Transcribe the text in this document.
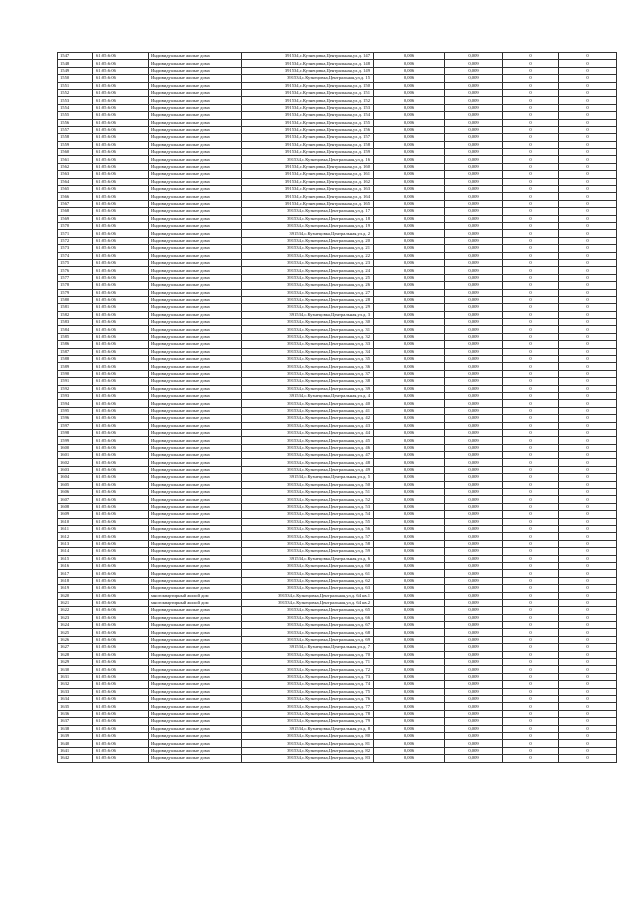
1547	61:05:6:06	Индивидуальные жилые дома	391534,с.Кузнецовка,Центральная,ул.д. 147	0,006	0,009	0	0
1548	61:05:6:06	Индивидуальные жилые дома	391534,с.Кузнецовка,Центральная,ул.д. 148	0,006	0,009	0	0
1549	61:05:6:06	Индивидуальные жилые дома	391534,с.Кузнецовка,Центральная,ул.д. 149	0,006	0,009	0	0
1550	61:05:6:06	Индивидуальные жилые дома	391534,с.Кузнецовка,Центральная,ул.д. 15	0,006	0,009	0	0
1551	61:05:6:06	Индивидуальные жилые дома	391534,с.Кузнецовка,Центральная,ул.д. 150	0,006	0,009	0	0
1552	61:05:6:06	Индивидуальные жилые дома	391534,с.Кузнецовка,Центральная,ул.д. 151	0,006	0,009	0	0
1553	61:05:6:06	Индивидуальные жилые дома	391534,с.Кузнецовка,Центральная,ул.д. 152	0,006	0,009	0	0
1554	61:05:6:06	Индивидуальные жилые дома	391534,с.Кузнецовка,Центральная,ул.д. 153	0,006	0,009	0	0
1555	61:05:6:06	Индивидуальные жилые дома	391534,с.Кузнецовка,Центральная,ул.д. 154	0,006	0,009	0	0
1556	61:05:6:06	Индивидуальные жилые дома	391534,с.Кузнецовка,Центральная,ул.д. 155	0,006	0,009	0	0
1557	61:05:6:06	Индивидуальные жилые дома	391534,с.Кузнецовка,Центральная,ул.д. 156	0,006	0,009	0	0
1558	61:05:6:06	Индивидуальные жилые дома	391534,с.Кузнецовка,Центральная,ул.д. 157	0,006	0,009	0	0
1559	61:05:6:06	Индивидуальные жилые дома	391534,с.Кузнецовка,Центральная,ул.д. 158	0,006	0,009	0	0
1560	61:05:6:06	Индивидуальные жилые дома	391534,с.Кузнецовка,Центральная,ул.д. 159	0,006	0,009	0	0
1561	61:05:6:06	Индивидуальные жилые дома	391534,с.Кузнецовка,Центральная,ул.д. 16	0,006	0,009	0	0
1562	61:05:6:06	Индивидуальные жилые дома	391534,с.Кузнецовка,Центральная,ул.д. 160	0,006	0,009	0	0
1563	61:05:6:06	Индивидуальные жилые дома	391534,с.Кузнецовка,Центральная,ул.д. 161	0,006	0,009	0	0
1564	61:05:6:06	Индивидуальные жилые дома	391534,с.Кузнецовка,Центральная,ул.д. 162	0,006	0,009	0	0
1565	61:05:6:06	Индивидуальные жилые дома	391534,с.Кузнецовка,Центральная,ул.д. 163	0,006	0,009	0	0
1566	61:05:6:06	Индивидуальные жилые дома	391534,с.Кузнецовка,Центральная,ул.д. 164	0,006	0,009	0	0
1567	61:05:6:06	Индивидуальные жилые дома	391534,с.Кузнецовка,Центральная,ул.д. 165	0,006	0,009	0	0
1568	61:05:6:06	Индивидуальные жилые дома	391534,с.Кузнецовка,Центральная,ул.д. 17	0,006	0,009	0	0
1569	61:05:6:06	Индивидуальные жилые дома	391534,с.Кузнецовка,Центральная,ул.д. 18	0,006	0,009	0	0
1570	61:05:6:06	Индивидуальные жилые дома	391534,с.Кузнецовка,Центральная,ул.д. 19	0,006	0,009	0	0
1571	61:05:6:06	Индивидуальные жилые дома	391534,с.Кузнецовка,Центральная,ул.д. 2	0,006	0,009	0	0
1572	61:05:6:06	Индивидуальные жилые дома	391534,с.Кузнецовка,Центральная,ул.д. 20	0,006	0,009	0	0
1573	61:05:6:06	Индивидуальные жилые дома	391534,с.Кузнецовка,Центральная,ул.д. 21	0,006	0,009	0	0
1574	61:05:6:06	Индивидуальные жилые дома	391534,с.Кузнецовка,Центральная,ул.д. 22	0,006	0,009	0	0
1575	61:05:6:06	Индивидуальные жилые дома	391534,с.Кузнецовка,Центральная,ул.д. 23	0,006	0,009	0	0
1576	61:05:6:06	Индивидуальные жилые дома	391534,с.Кузнецовка,Центральная,ул.д. 24	0,006	0,009	0	0
1577	61:05:6:06	Индивидуальные жилые дома	391534,с.Кузнецовка,Центральная,ул.д. 25	0,006	0,009	0	0
1578	61:05:6:06	Индивидуальные жилые дома	391534,с.Кузнецовка,Центральная,ул.д. 26	0,006	0,009	0	0
1579	61:05:6:06	Индивидуальные жилые дома	391534,с.Кузнецовка,Центральная,ул.д. 27	0,006	0,009	0	0
1580	61:05:6:06	Индивидуальные жилые дома	391534,с.Кузнецовка,Центральная,ул.д. 28	0,006	0,009	0	0
1581	61:05:6:06	Индивидуальные жилые дома	391534,с.Кузнецовка,Центральная,ул.д. 29	0,006	0,009	0	0
1582	61:05:6:06	Индивидуальные жилые дома	391534,с.Кузнецовка,Центральная,ул.д. 3	0,006	0,009	0	0
1583	61:05:6:06	Индивидуальные жилые дома	391534,с.Кузнецовка,Центральная,ул.д. 30	0,006	0,009	0	0
1584	61:05:6:06	Индивидуальные жилые дома	391534,с.Кузнецовка,Центральная,ул.д. 31	0,006	0,009	0	0
1585	61:05:6:06	Индивидуальные жилые дома	391534,с.Кузнецовка,Центральная,ул.д. 32	0,006	0,009	0	0
1586	61:05:6:06	Индивидуальные жилые дома	391534,с.Кузнецовка,Центральная,ул.д. 33	0,006	0,009	0	0
1587	61:05:6:06	Индивидуальные жилые дома	391534,с.Кузнецовка,Центральная,ул.д. 34	0,006	0,009	0	0
1588	61:05:6:06	Индивидуальные жилые дома	391534,с.Кузнецовка,Центральная,ул.д. 35	0,006	0,009	0	0
1589	61:05:6:06	Индивидуальные жилые дома	391534,с.Кузнецовка,Центральная,ул.д. 36	0,006	0,009	0	0
1590	61:05:6:06	Индивидуальные жилые дома	391534,с.Кузнецовка,Центральная,ул.д. 37	0,006	0,009	0	0
1591	61:05:6:06	Индивидуальные жилые дома	391534,с.Кузнецовка,Центральная,ул.д. 38	0,006	0,009	0	0
1592	61:05:6:06	Индивидуальные жилые дома	391534,с.Кузнецовка,Центральная,ул.д. 39	0,006	0,009	0	0
1593	61:05:6:06	Индивидуальные жилые дома	391534,с.Кузнецовка,Центральная,ул.д. 4	0,006	0,009	0	0
1594	61:05:6:06	Индивидуальные жилые дома	391534,с.Кузнецовка,Центральная,ул.д. 40	0,006	0,009	0	0
1595	61:05:6:06	Индивидуальные жилые дома	391534,с.Кузнецовка,Центральная,ул.д. 41	0,006	0,009	0	0
1596	61:05:6:06	Индивидуальные жилые дома	391534,с.Кузнецовка,Центральная,ул.д. 42	0,006	0,009	0	0
1597	61:05:6:06	Индивидуальные жилые дома	391534,с.Кузнецовка,Центральная,ул.д. 43	0,006	0,009	0	0
1598	61:05:6:06	Индивидуальные жилые дома	391534,с.Кузнецовка,Центральная,ул.д. 44	0,006	0,009	0	0
1599	61:05:6:06	Индивидуальные жилые дома	391534,с.Кузнецовка,Центральная,ул.д. 45	0,006	0,009	0	0
1600	61:05:6:06	Индивидуальные жилые дома	391534,с.Кузнецовка,Центральная,ул.д. 46	0,006	0,009	0	0
1601	61:05:6:06	Индивидуальные жилые дома	391534,с.Кузнецовка,Центральная,ул.д. 47	0,006	0,009	0	0
1602	61:05:6:06	Индивидуальные жилые дома	391534,с.Кузнецовка,Центральная,ул.д. 48	0,006	0,009	0	0
1603	61:05:6:06	Индивидуальные жилые дома	391534,с.Кузнецовка,Центральная,ул.д. 49	0,006	0,009	0	0
1604	61:05:6:06	Индивидуальные жилые дома	391534,с.Кузнецовка,Центральная,ул.д. 5	0,006	0,009	0	0
1605	61:05:6:06	Индивидуальные жилые дома	391534,с.Кузнецовка,Центральная,ул.д. 50	0,006	0,009	0	0
1606	61:05:6:06	Индивидуальные жилые дома	391534,с.Кузнецовка,Центральная,ул.д. 51	0,006	0,009	0	0
1607	61:05:6:06	Индивидуальные жилые дома	391534,с.Кузнецовка,Центральная,ул.д. 52	0,006	0,009	0	0
1608	61:05:6:06	Индивидуальные жилые дома	391534,с.Кузнецовка,Центральная,ул.д. 53	0,006	0,009	0	0
1609	61:05:6:06	Индивидуальные жилые дома	391534,с.Кузнецовка,Центральная,ул.д. 54	0,006	0,009	0	0
1610	61:05:6:06	Индивидуальные жилые дома	391534,с.Кузнецовка,Центральная,ул.д. 55	0,006	0,009	0	0
1611	61:05:6:06	Индивидуальные жилые дома	391534,с.Кузнецовка,Центральная,ул.д. 56	0,006	0,009	0	0
1612	61:05:6:06	Индивидуальные жилые дома	391534,с.Кузнецовка,Центральная,ул.д. 57	0,006	0,009	0	0
1613	61:05:6:06	Индивидуальные жилые дома	391534,с.Кузнецовка,Центральная,ул.д. 58	0,006	0,009	0	0
1614	61:05:6:06	Индивидуальные жилые дома	391534,с.Кузнецовка,Центральная,ул.д. 59	0,006	0,009	0	0
1615	61:05:6:06	Индивидуальные жилые дома	391534,с.Кузнецовка,Центральная,ул.д. 6	0,006	0,009	0	0
1616	61:05:6:06	Индивидуальные жилые дома	391534,с.Кузнецовка,Центральная,ул.д. 60	0,006	0,009	0	0
1617	61:05:6:06	Индивидуальные жилые дома	391534,с.Кузнецовка,Центральная,ул.д. 61	0,006	0,009	0	0
1618	61:05:6:06	Индивидуальные жилые дома	391534,с.Кузнецовка,Центральная,ул.д. 62	0,006	0,009	0	0
1619	61:05:6:06	Индивидуальные жилые дома	391534,с.Кузнецовка,Центральная,ул.д. 63	0,006	0,009	0	0
1620	61:05:6:06	многоквартирный жилой дом	391534,с.Кузнецовка,Центральная,ул.д. 64 кв.1	0,006	0,009	0	0
1621	61:05:6:06	многоквартирный жилой дом	391534,с.Кузнецовка,Центральная,ул.д. 64 кв.2	0,006	0,009	0	0
1622	61:05:6:06	Индивидуальные жилые дома	391534,с.Кузнецовка,Центральная,ул.д. 65	0,006	0,009	0	0
1623	61:05:6:06	Индивидуальные жилые дома	391534,с.Кузнецовка,Центральная,ул.д. 66	0,006	0,009	0	0
1624	61:05:6:06	Индивидуальные жилые дома	391534,с.Кузнецовка,Центральная,ул.д. 67	0,006	0,009	0	0
1625	61:05:6:06	Индивидуальные жилые дома	391534,с.Кузнецовка,Центральная,ул.д. 68	0,006	0,009	0	0
1626	61:05:6:06	Индивидуальные жилые дома	391534,с.Кузнецовка,Центральная,ул.д. 69	0,006	0,009	0	0
1627	61:05:6:06	Индивидуальные жилые дома	391534,с.Кузнецовка,Центральная,ул.д. 7	0,006	0,009	0	0
1628	61:05:6:06	Индивидуальные жилые дома	391534,с.Кузнецовка,Центральная,ул.д. 70	0,006	0,009	0	0
1629	61:05:6:06	Индивидуальные жилые дома	391534,с.Кузнецовка,Центральная,ул.д. 71	0,006	0,009	0	0
1630	61:05:6:06	Индивидуальные жилые дома	391534,с.Кузнецовка,Центральная,ул.д. 72	0,006	0,009	0	0
1631	61:05:6:06	Индивидуальные жилые дома	391534,с.Кузнецовка,Центральная,ул.д. 73	0,006	0,009	0	0
1632	61:05:6:06	Индивидуальные жилые дома	391534,с.Кузнецовка,Центральная,ул.д. 74	0,006	0,009	0	0
1633	61:05:6:06	Индивидуальные жилые дома	391534,с.Кузнецовка,Центральная,ул.д. 75	0,006	0,009	0	0
1634	61:05:6:06	Индивидуальные жилые дома	391534,с.Кузнецовка,Центральная,ул.д. 76	0,006	0,009	0	0
1635	61:05:6:06	Индивидуальные жилые дома	391534,с.Кузнецовка,Центральная,ул.д. 77	0,006	0,009	0	0
1636	61:05:6:06	Индивидуальные жилые дома	391534,с.Кузнецовка,Центральная,ул.д. 78	0,006	0,009	0	0
1637	61:05:6:06	Индивидуальные жилые дома	391534,с.Кузнецовка,Центральная,ул.д. 79	0,006	0,009	0	0
1638	61:05:6:06	Индивидуальные жилые дома	391534,с.Кузнецовка,Центральная,ул.д. 8	0,006	0,009	0	0
1639	61:05:6:06	Индивидуальные жилые дома	391534,с.Кузнецовка,Центральная,ул.д. 80	0,006	0,009	0	0
1640	61:05:6:06	Индивидуальные жилые дома	391534,с.Кузнецовка,Центральная,ул.д. 81	0,006	0,009	0	0
1641	61:05:6:06	Индивидуальные жилые дома	391534,с.Кузнецовка,Центральная,ул.д. 82	0,006	0,009	0	0
1642	61:05:6:06	Индивидуальные жилые дома	391534,с.Кузнецовка,Центральная,ул.д. 83	0,006	0,009	0	0
